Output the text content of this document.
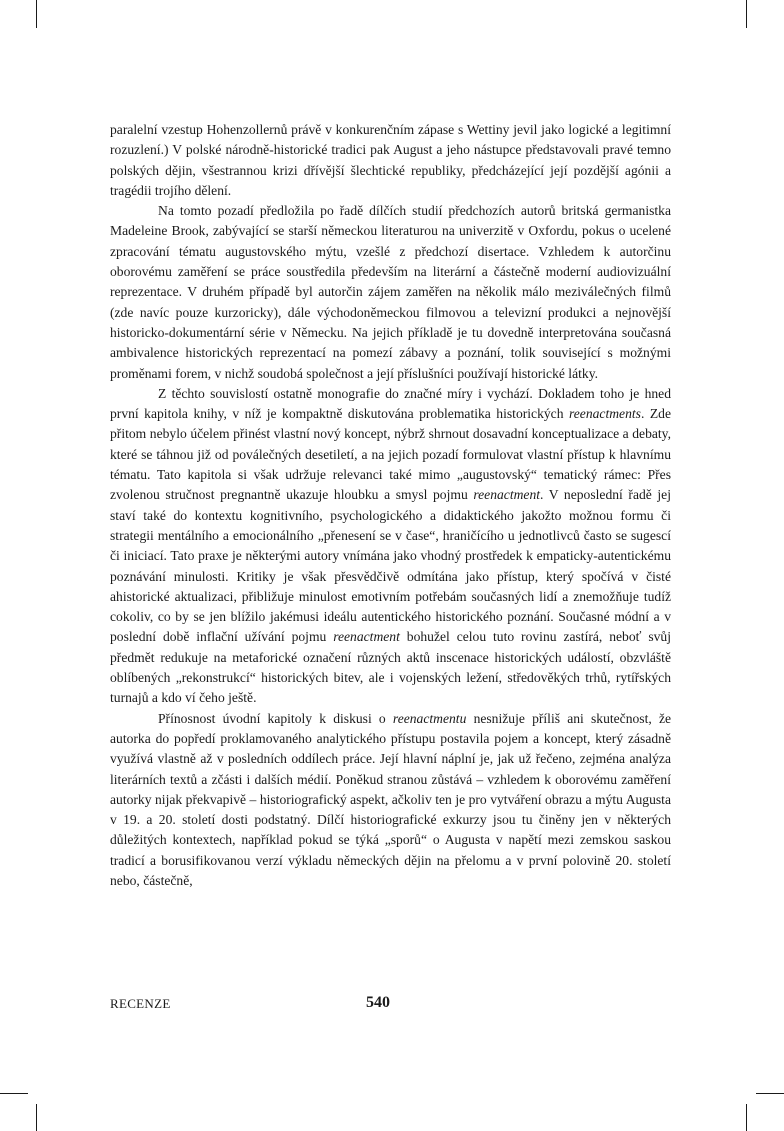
paralelní vzestup Hohenzollernů právě v konkurenčním zápase s Wettiny jevil jako logické a legitimní rozuzlení.) V polské národně-historické tradici pak August a jeho nástupce představovali pravé temno polských dějin, všestrannou krizi dřívější šlechtické republiky, předcházející její pozdější agónii a tragédii trojího dělení.

Na tomto pozadí předložila po řadě dílčích studií předchozích autorů britská germanistka Madeleine Brook, zabývající se starší německou literaturou na univerzitě v Oxfordu, pokus o ucelené zpracování tématu augustovského mýtu, vzešlé z předchozí disertace. Vzhledem k autorčinu oborovému zaměření se práce soustředila především na literární a částečně moderní audiovizuální reprezentace. V druhém případě byl autorčin zájem zaměřen na několik málo meziválečných filmů (zde navíc pouze kurzoricky), dále východoněmeckou filmovou a televizní produkci a nejnovější historicko-dokumentární série v Německu. Na jejich příkladě je tu dovedně interpretována současná ambivalence historických reprezentací na pomezí zábavy a poznání, tolik související s možnými proměnami forem, v nichž soudobá společnost a její příslušníci používají historické látky.

Z těchto souvislostí ostatně monografie do značné míry i vychází. Dokladem toho je hned první kapitola knihy, v níž je kompaktně diskutována problematika historických reenactments. Zde přitom nebylo účelem přinést vlastní nový koncept, nýbrž shrnout dosavadní konceptualizace a debaty, které se táhnou již od poválečných desetiletí, a na jejich pozadí formulovat vlastní přístup k hlavnímu tématu. Tato kapitola si však udržuje relevanci také mimo „augustovský“ tematický rámec: Přes zvolenou stručnost pregnantně ukazuje hloubku a smysl pojmu reenactment. V neposlední řadě jej staví také do kontextu kognitivního, psychologického a didaktického jakožto možnou formu či strategii mentálního a emocionálního „přenesení se v čase“, hraničícího u jednotlivců často se sugescí či iniciací. Tato praxe je některými autory vnímána jako vhodný prostředek k empaticky-autentickému poznávání minulosti. Kritiky je však přesvědčivě odmítána jako přístup, který spočívá v čisté ahistorické aktualizaci, přibližuje minulost emotivním potřebám současných lidí a znemožňuje tudíž cokoliv, co by se jen blížilo jakémusi ideálu autentického historického poznání. Současné módní a v poslední době inflační užívání pojmu reenactment bohužel celou tuto rovinu zastírá, neboť svůj předmět redukuje na metaforické označení různých aktů inscenace historických událostí, obzvláště oblíbených „rekonstrukcí“ historických bitev, ale i vojenských ležení, středověkých trhů, rytířských turnajů a kdo ví čeho ještě.

Přínosnost úvodní kapitoly k diskusi o reenactmentu nesnižuje příliš ani skutečnost, že autorka do popředí proklamovaného analytického přístupu postavila pojem a koncept, který zásadně využívá vlastně až v posledních oddílech práce. Její hlavní náplní je, jak už řečeno, zejména analýza literárních textů a zčásti i dalších médií. Poněkud stranou zůstává – vzhledem k oborovému zaměření autorky nijak překvapivě – historiografický aspekt, ačkoliv ten je pro vytváření obrazu a mýtu Augusta v 19. a 20. století dosti podstatný. Dílčí historiografické exkurzy jsou tu činěny jen v některých důležitých kontextech, například pokud se týká „sporů“ o Augusta v napětí mezi zemskou saskou tradicí a borusifikovanou verzí výkladu německých dějin na přelomu a v první polovině 20. století nebo, částečně,

RECENZE	540
